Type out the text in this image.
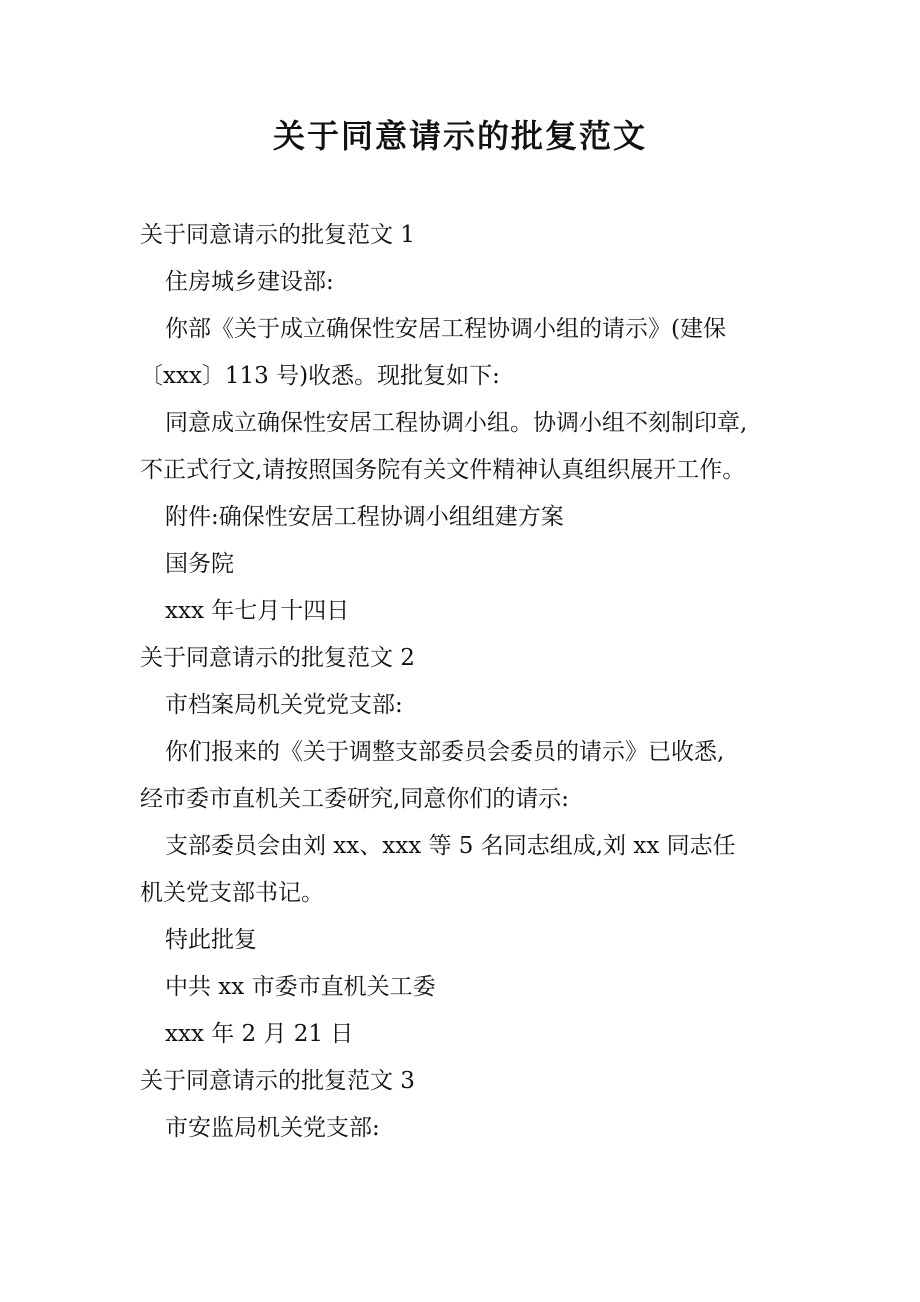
关于同意请示的批复范文
关于同意请示的批复范文 1
住房城乡建设部:
你部《关于成立确保性安居工程协调小组的请示》(建保
〔xxx〕113 号)收悉。现批复如下:
同意成立确保性安居工程协调小组。协调小组不刻制印章,
不正式行文,请按照国务院有关文件精神认真组织展开工作。
附件:确保性安居工程协调小组组建方案
国务院
xxx 年七月十四日
关于同意请示的批复范文 2
市档案局机关党党支部:
你们报来的《关于调整支部委员会委员的请示》已收悉,
经市委市直机关工委研究,同意你们的请示:
支部委员会由刘 xx、xxx 等 5 名同志组成,刘 xx 同志任
机关党支部书记。
特此批复
中共 xx 市委市直机关工委
xxx 年 2 月 21 日
关于同意请示的批复范文 3
市安监局机关党支部:
